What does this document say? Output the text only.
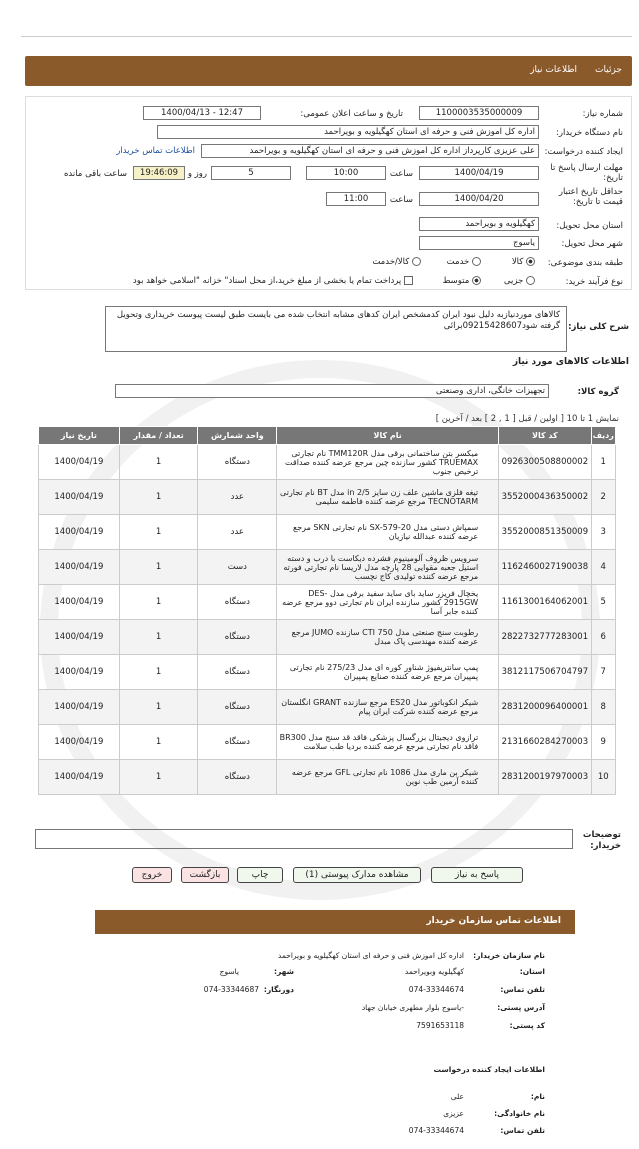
جزئیات
اطلاعات نیاز
شماره نیاز:
1100003535000009
تاریخ و ساعت اعلان عمومی:
1400/04/13 - 12:47
نام دستگاه خریدار:
اداره کل اموزش فنی و حرفه ای استان کهگیلویه و بویراحمد
ایجاد کننده درخواست:
علی عزیزی کارپرداز اداره کل اموزش فنی و حرفه ای استان کهگیلویه و بویراحمد
اطلاعات تماس خریدار
مهلت ارسال پاسخ تا تاریخ:
1400/04/19
ساعت
10:00
5
روز و
19:46:09
ساعت باقی مانده
حداقل تاریخ اعتبار قیمت تا تاریخ:
1400/04/20
ساعت
11:00
استان محل تحویل:
کهگیلویه و بویراحمد
شهر محل تحویل:
یاسوج
طبقه بندی موضوعی:
کالا
خدمت
کالا/خدمت
نوع فرآیند خرید:
جزیی
متوسط
پرداخت تمام یا بخشی از مبلغ خرید،از محل اسناد" خزانه "اسلامی خواهد بود
شرح کلی نیاز:
کالاهای موردنیازبه دلیل نبود ایران کدمشخص ایران کدهای مشابه انتخاب شده می بایست طبق لیست پیوست خریداری وتحویل گرفته شود09215428607برائی
اطلاعات کالاهای مورد نیاز
گروه کالا:
تجهیزات خانگی، اداری وصنعتی
نمایش 1 تا 10 [ اولین / قبل [ 1 , 2 ] بعد / آخرین ]
ردیف	کد کالا	نام کالا	واحد شمارش	تعداد / مقدار	تاریخ نیاز
1	0926300508800002	میکسر بتن ساختمانی برقی مدل TMM120R نام تجارتی TRUEMAX کشور سازنده چین مرجع عرضه کننده صداقت ترخیص جنوب	دستگاه	1	1400/04/19
2	3552000436350002	تیغه فلزی ماشین علف زن سایز 2/5 in مدل BT نام تجارتی TECNOTARM مرجع عرضه کننده فاطمه سلیمی	عدد	1	1400/04/19
3	3552000851350009	سمپاش دستی مدل SX-579-20 نام تجارتی SKN مرجع عرضه کننده عبدالله نیازیان	عدد	1	1400/04/19
4	1162460027190038	سرویس ظروف آلومینیوم فشرده دیکاست با درب و دسته استیل جعبه مقوایی 28 پارچه مدل لاریسا نام تجارتی فورته مرجع عرضه کننده تولیدی کاج نچسب	دست	1	1400/04/19
5	1161300164062001	یخچال فریزر ساید بای ساید سفید برفی مدل DES-2915GW کشور سازنده ایران نام تجارتی دوو مرجع عرضه کننده جابر آسا	دستگاه	1	1400/04/19
6	2822732777283001	رطوبت سنج صنعتی مدل CTI 750 سازنده JUMO مرجع عرضه کننده مهندسی پاک مبدل	دستگاه	1	1400/04/19
7	3812117506704797	پمپ سانتریفیوژ شناور کوره ای مدل 275/23 نام تجارتی پمپیران مرجع عرضه کننده صنایع پمپیران	دستگاه	1	1400/04/19
8	2831200096400001	شیکر انکوباتور مدل ES20 مرجع سازنده GRANT انگلستان مرجع عرضه کننده شرکت ایران پیام	دستگاه	1	1400/04/19
9	2131660284270003	ترازوی دیجیتال بزرگسال پزشکی فاقد قد سنج مدل BR300 فاقد نام تجارتی مرجع عرضه کننده بردیا طب سلامت	دستگاه	1	1400/04/19
10	2831200197970003	شیکر بن ماری مدل 1086 نام تجارتی GFL مرجع عرضه کننده آرمین طب نوین	دستگاه	1	1400/04/19
توضیحات خریدار:
پاسخ به نیاز
مشاهده مدارک پیوستی (1)
چاپ
بازگشت
خروج
اطلاعات تماس سازمان خریدار
نام سازمان خریدار:
اداره کل اموزش فنی و حرفه ای استان کهگیلویه و بویراحمد
استان:
کهگیلویه وبویراحمد
شهر:
یاسوج
تلفن تماس:
074-33344674
دورنگار:
074-33344687
آدرس پستی:
-یاسوج بلوار مطهری خیابان جهاد
کد پستی:
7591653118
اطلاعات ایجاد کننده درخواست
نام:
علی
نام خانوادگی:
عزیزی
تلفن تماس:
074-33344674
